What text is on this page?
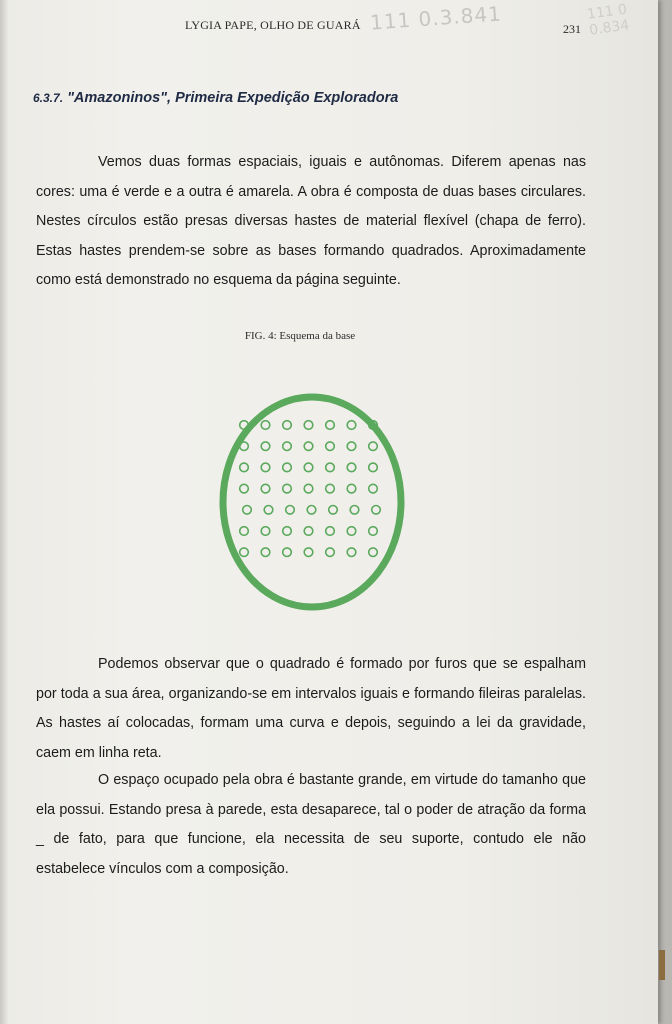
LYGIA PAPE, OLHO DE GUARÁ 111 0.3.841	111 0 0.834
231
6.3.7. "Amazoninos", Primeira Expedição Exploradora

Vemos duas formas espaciais, iguais e autônomas. Diferem apenas nas cores: uma é verde e a outra é amarela. A obra é composta de duas bases circulares. Nestes círculos estão presas diversas hastes de material flexível (chapa de ferro). Estas hastes prendem-se sobre as bases formando quadrados. Aproximadamente como está demonstrado no esquema da página seguinte.

FIG. 4: Esquema da base

Podemos observar que o quadrado é formado por furos que se espalham por toda a sua área, organizando-se em intervalos iguais e formando fileiras paralelas. As hastes aí colocadas, formam uma curva e depois, seguindo a lei da gravidade, caem em linha reta.

O espaço ocupado pela obra é bastante grande, em virtude do tamanho que ela possui. Estando presa à parede, esta desaparece, tal o poder de atração da forma _ de fato, para que funcione, ela necessita de seu suporte, contudo ele não estabelece vínculos com a composição.
